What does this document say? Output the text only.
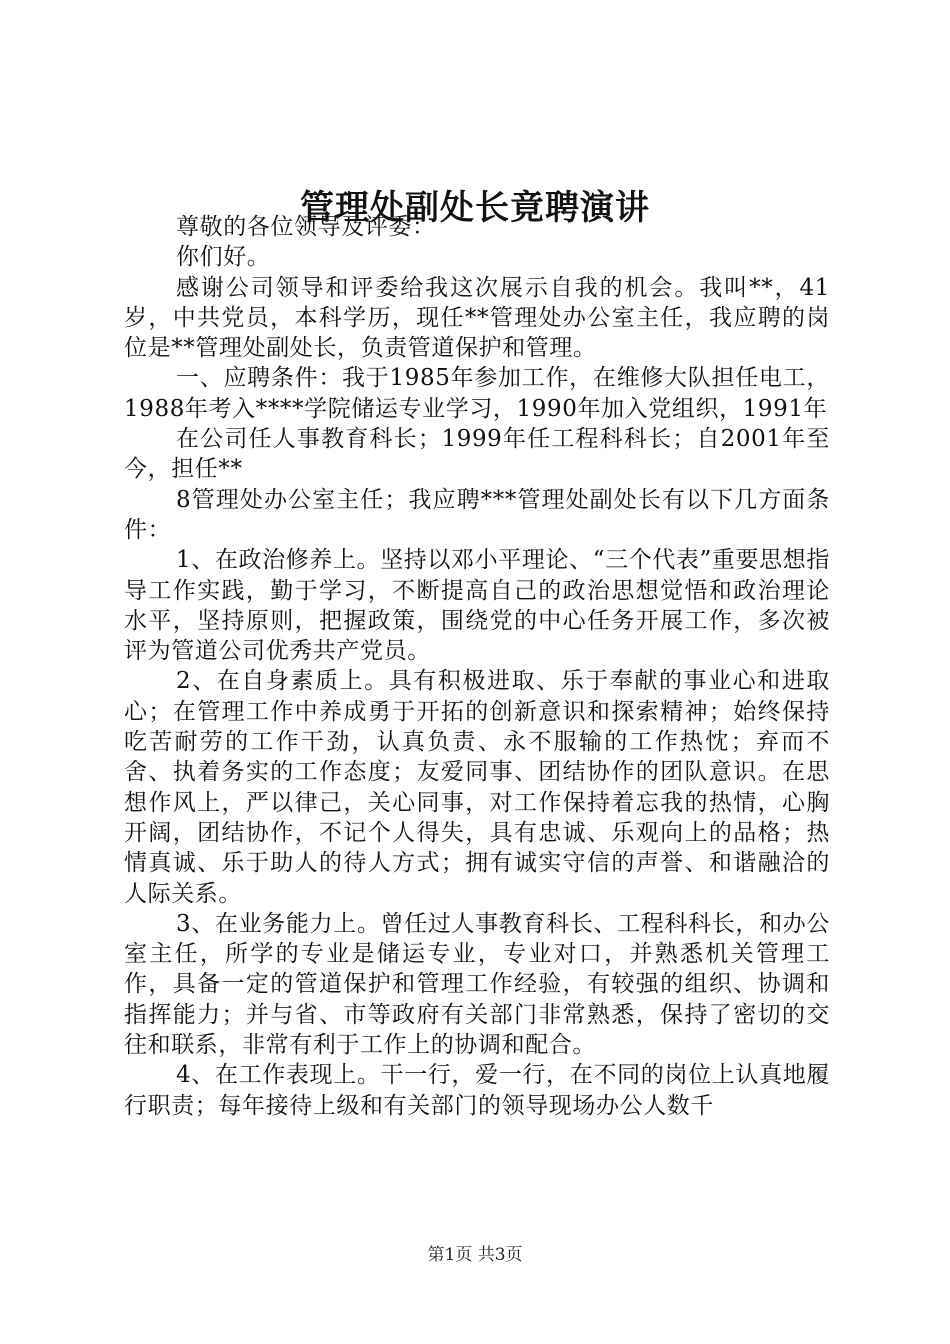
管理处副处长竟聘演讲

尊敬的各位领导及评委：

你们好。

感谢公司领导和评委给我这次展示自我的机会。我叫**，41岁，中共党员，本科学历，现任**管理处办公室主任，我应聘的岗位是**管理处副处长，负责管道保护和管理。

一、应聘条件：我于1985年参加工作，在维修大队担任电工，1988年考入****学院储运专业学习，1990年加入党组织，1991年

在公司任人事教育科长；1999年任工程科科长；自2001年至今，担任**

8管理处办公室主任；我应聘***管理处副处长有以下几方面条件：

1、在政治修养上。坚持以邓小平理论、“三个代表”重要思想指导工作实践，勤于学习，不断提高自己的政治思想觉悟和政治理论水平，坚持原则，把握政策，围绕党的中心任务开展工作，多次被评为管道公司优秀共产党员。

2、在自身素质上。具有积极进取、乐于奉献的事业心和进取心；在管理工作中养成勇于开拓的创新意识和探索精神；始终保持吃苦耐劳的工作干劲，认真负责、永不服输的工作热忱；弃而不舍、执着务实的工作态度；友爱同事、团结协作的团队意识。在思想作风上，严以律己，关心同事，对工作保持着忘我的热情，心胸开阔，团结协作，不记个人得失，具有忠诚、乐观向上的品格；热情真诚、乐于助人的待人方式；拥有诚实守信的声誉、和谐融洽的人际关系。

3、在业务能力上。曾任过人事教育科长、工程科科长，和办公室主任，所学的专业是储运专业，专业对口，并熟悉机关管理工作，具备一定的管道保护和管理工作经验，有较强的组织、协调和指挥能力；并与省、市等政府有关部门非常熟悉，保持了密切的交往和联系，非常有利于工作上的协调和配合。

4、在工作表现上。干一行，爱一行，在不同的岗位上认真地履行职责；每年接待上级和有关部门的领导现场办公人数千

第1页 共3页
